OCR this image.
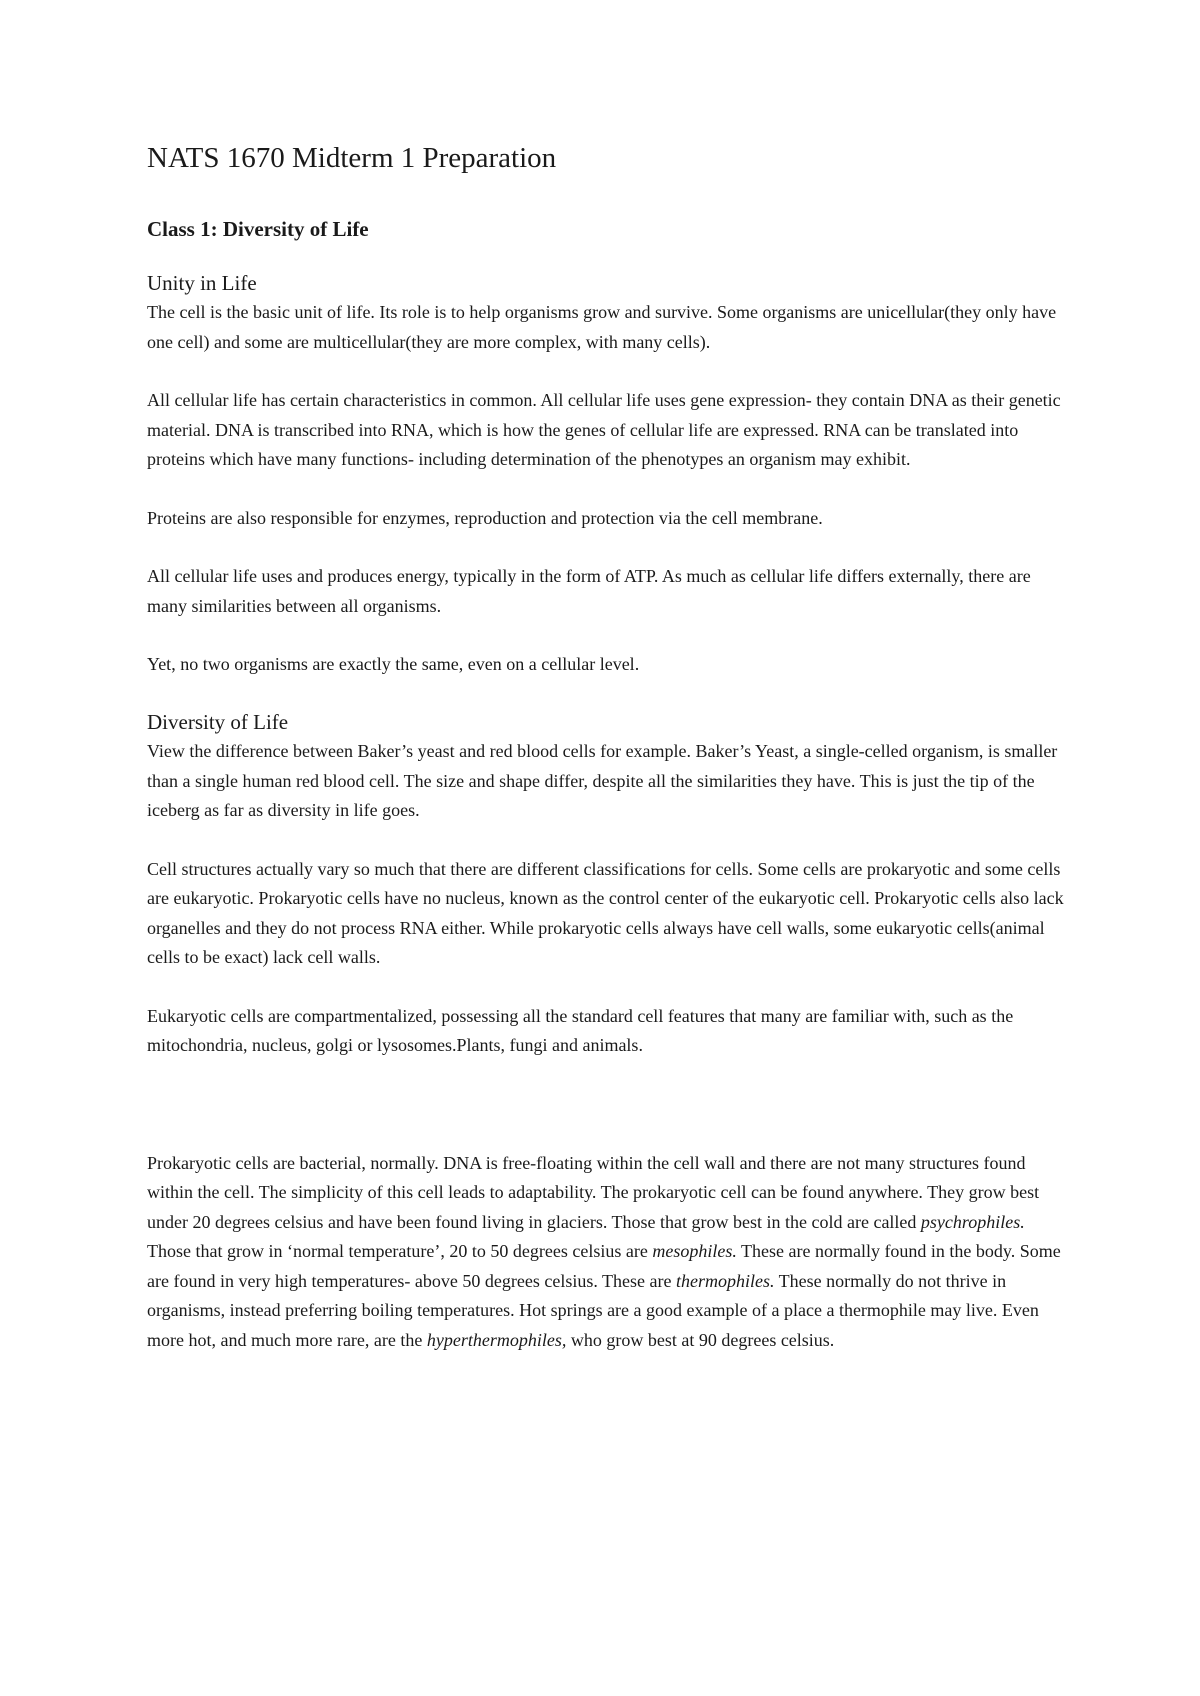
NATS 1670 Midterm 1 Preparation
Class 1: Diversity of Life
Unity in Life

The cell is the basic unit of life. Its role is to help organisms grow and survive. Some organisms are unicellular(they only have one cell) and some are multicellular(they are more complex, with many cells).

All cellular life has certain characteristics in common. All cellular life uses gene expression- they contain DNA as their genetic material. DNA is transcribed into RNA, which is how the genes of cellular life are expressed. RNA can be translated into proteins which have many functions- including determination of the phenotypes an organism may exhibit.

Proteins are also responsible for enzymes, reproduction and protection via the cell membrane.

All cellular life uses and produces energy, typically in the form of ATP. As much as cellular life differs externally, there are many similarities between all organisms.

Yet, no two organisms are exactly the same, even on a cellular level.

Diversity of Life

View the difference between Baker’s yeast and red blood cells for example. Baker’s Yeast, a single-celled organism, is smaller than a single human red blood cell. The size and shape differ, despite all the similarities they have. This is just the tip of the iceberg as far as diversity in life goes.

Cell structures actually vary so much that there are different classifications for cells. Some cells are prokaryotic and some cells are eukaryotic. Prokaryotic cells have no nucleus, known as the control center of the eukaryotic cell. Prokaryotic cells also lack organelles and they do not process RNA either. While prokaryotic cells always have cell walls, some eukaryotic cells(animal cells to be exact) lack cell walls.

Eukaryotic cells are compartmentalized, possessing all the standard cell features that many are familiar with, such as the mitochondria, nucleus, golgi or lysosomes.Plants, fungi and animals.

Prokaryotic cells are bacterial, normally. DNA is free-floating within the cell wall and there are not many structures found within the cell. The simplicity of this cell leads to adaptability. The prokaryotic cell can be found anywhere. They grow best under 20 degrees celsius and have been found living in glaciers. Those that grow best in the cold are called psychrophiles. Those that grow in ‘normal temperature’, 20 to 50 degrees celsius are mesophiles. These are normally found in the body. Some are found in very high temperatures- above 50 degrees celsius. These are thermophiles. These normally do not thrive in organisms, instead preferring boiling temperatures. Hot springs are a good example of a place a thermophile may live. Even more hot, and much more rare, are the hyperthermophiles, who grow best at 90 degrees celsius.
